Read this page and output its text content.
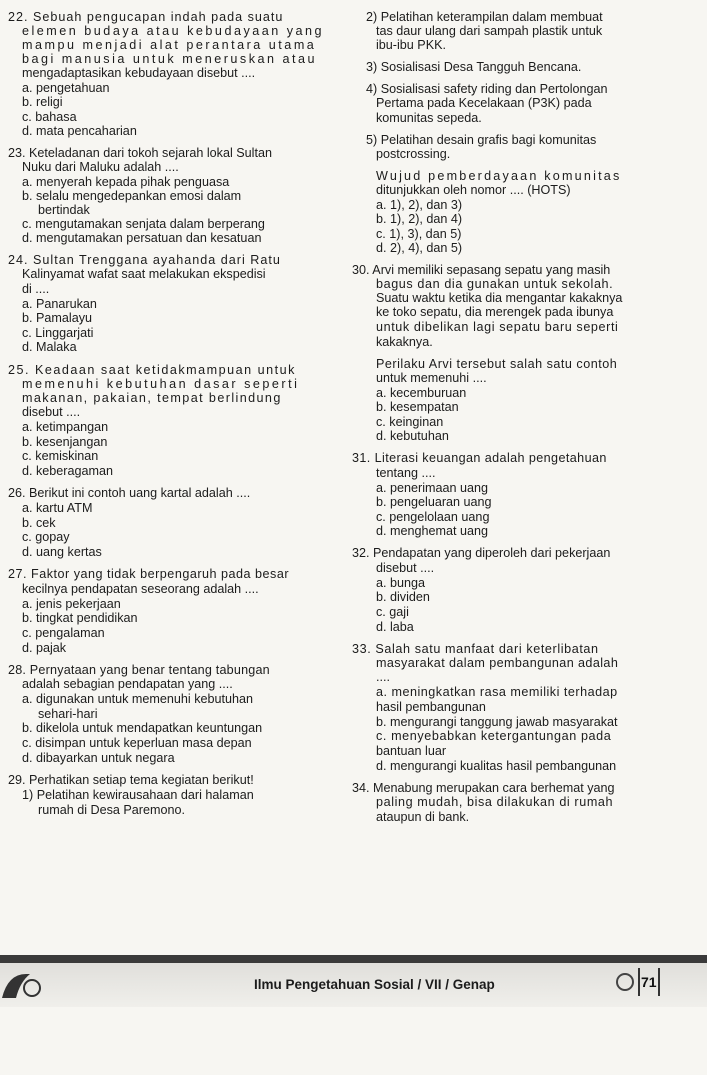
22. Sebuah pengucapan indah pada suatu
elemen budaya atau kebudayaan yang
mampu menjadi alat perantara utama
bagi manusia untuk meneruskan atau
mengadaptasikan kebudayaan disebut ....
a. pengetahuan
b. religi
c. bahasa
d. mata pencaharian
23. Keteladanan dari tokoh sejarah lokal Sultan
Nuku dari Maluku adalah ....
a. menyerah kepada pihak penguasa
b. selalu mengedepankan emosi dalam
bertindak
c. mengutamakan senjata dalam berperang
d. mengutamakan persatuan dan kesatuan
24. Sultan Trenggana ayahanda dari Ratu
Kalinyamat wafat saat melakukan ekspedisi
di ....
a. Panarukan
b. Pamalayu
c. Linggarjati
d. Malaka
25. Keadaan saat ketidakmampuan untuk
memenuhi kebutuhan dasar seperti
makanan, pakaian, tempat berlindung
disebut ....
a. ketimpangan
b. kesenjangan
c. kemiskinan
d. keberagaman
26. Berikut ini contoh uang kartal adalah ....
a. kartu ATM
b. cek
c. gopay
d. uang kertas
27. Faktor yang tidak berpengaruh pada besar
kecilnya pendapatan seseorang adalah ....
a. jenis pekerjaan
b. tingkat pendidikan
c. pengalaman
d. pajak
28. Pernyataan yang benar tentang tabungan
adalah sebagian pendapatan yang ....
a. digunakan untuk memenuhi kebutuhan
sehari-hari
b. dikelola untuk mendapatkan keuntungan
c. disimpan untuk keperluan masa depan
d. dibayarkan untuk negara
29. Perhatikan setiap tema kegiatan berikut!
1) Pelatihan kewirausahaan dari halaman
rumah di Desa Paremono.
2) Pelatihan keterampilan dalam membuat
tas daur ulang dari sampah plastik untuk
ibu-ibu PKK.
3) Sosialisasi Desa Tangguh Bencana.
4) Sosialisasi safety riding dan Pertolongan
Pertama pada Kecelakaan (P3K) pada
komunitas sepeda.
5) Pelatihan desain grafis bagi komunitas
postcrossing.
Wujud pemberdayaan komunitas
ditunjukkan oleh nomor .... (HOTS)
a. 1), 2), dan 3)
b. 1), 2), dan 4)
c. 1), 3), dan 5)
d. 2), 4), dan 5)
30. Arvi memiliki sepasang sepatu yang masih
bagus dan dia gunakan untuk sekolah.
Suatu waktu ketika dia mengantar kakaknya
ke toko sepatu, dia merengek pada ibunya
untuk dibelikan lagi sepatu baru seperti
kakaknya.
Perilaku Arvi tersebut salah satu contoh
untuk memenuhi ....
a. kecemburuan
b. kesempatan
c. keinginan
d. kebutuhan
31. Literasi keuangan adalah pengetahuan
tentang ....
a. penerimaan uang
b. pengeluaran uang
c. pengelolaan uang
d. menghemat uang
32. Pendapatan yang diperoleh dari pekerjaan
disebut ....
a. bunga
b. dividen
c. gaji
d. laba
33. Salah satu manfaat dari keterlibatan
masyarakat dalam pembangunan adalah
....
a. meningkatkan rasa memiliki terhadap
hasil pembangunan
b. mengurangi tanggung jawab masyarakat
c. menyebabkan ketergantungan pada
bantuan luar
d. mengurangi kualitas hasil pembangunan
34. Menabung merupakan cara berhemat yang
paling mudah, bisa dilakukan di rumah
ataupun di bank.
Ilmu Pengetahuan Sosial / VII / Genap	71
